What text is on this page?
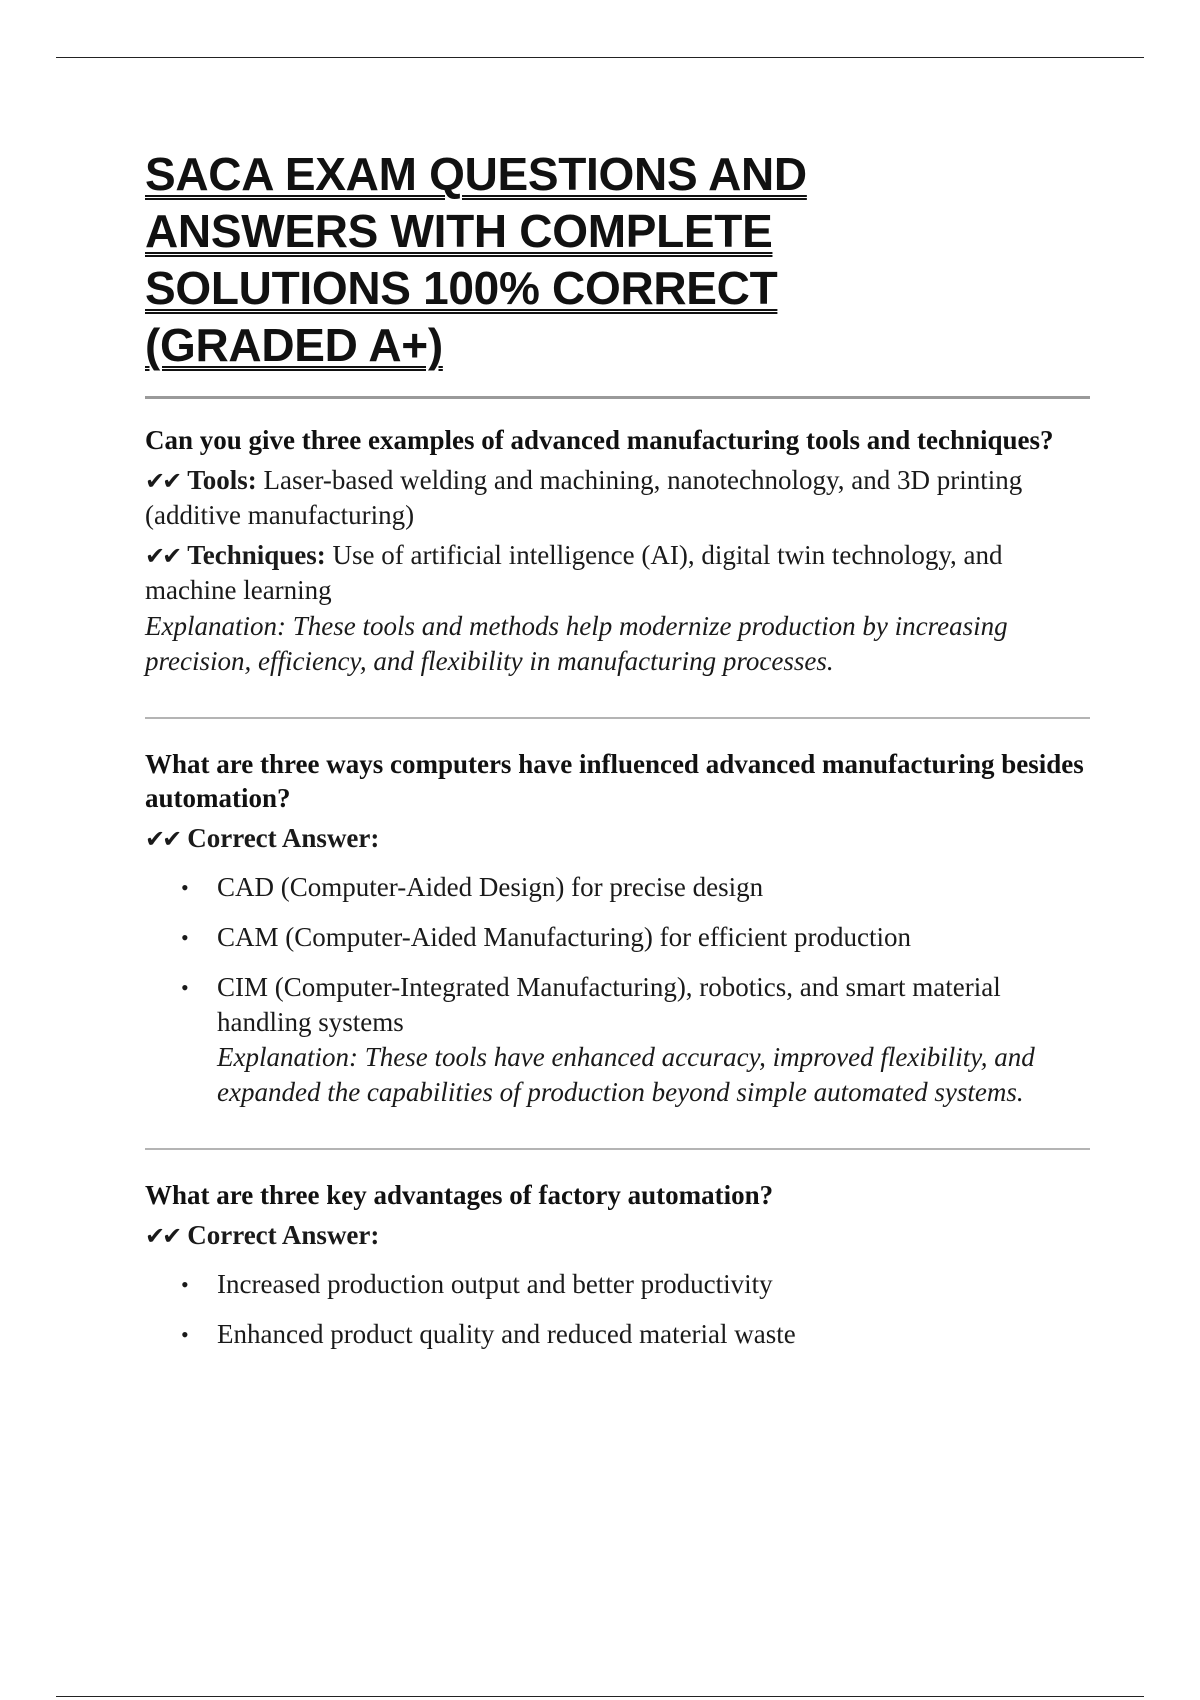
SACA EXAM QUESTIONS AND
ANSWERS WITH COMPLETE
SOLUTIONS 100% CORRECT
(GRADED A+)

Can you give three examples of advanced manufacturing tools and techniques?

✔✔ Tools: Laser-based welding and machining, nanotechnology, and 3D printing (additive manufacturing)

✔✔ Techniques: Use of artificial intelligence (AI), digital twin technology, and machine learning

Explanation: These tools and methods help modernize production by increasing precision, efficiency, and flexibility in manufacturing processes.

What are three ways computers have influenced advanced manufacturing besides automation?

✔✔ Correct Answer:

• CAD (Computer-Aided Design) for precise design
• CAM (Computer-Aided Manufacturing) for efficient production
• CIM (Computer-Integrated Manufacturing), robotics, and smart material handling systems
Explanation: These tools have enhanced accuracy, improved flexibility, and expanded the capabilities of production beyond simple automated systems.

What are three key advantages of factory automation?

✔✔ Correct Answer:

• Increased production output and better productivity
• Enhanced product quality and reduced material waste
